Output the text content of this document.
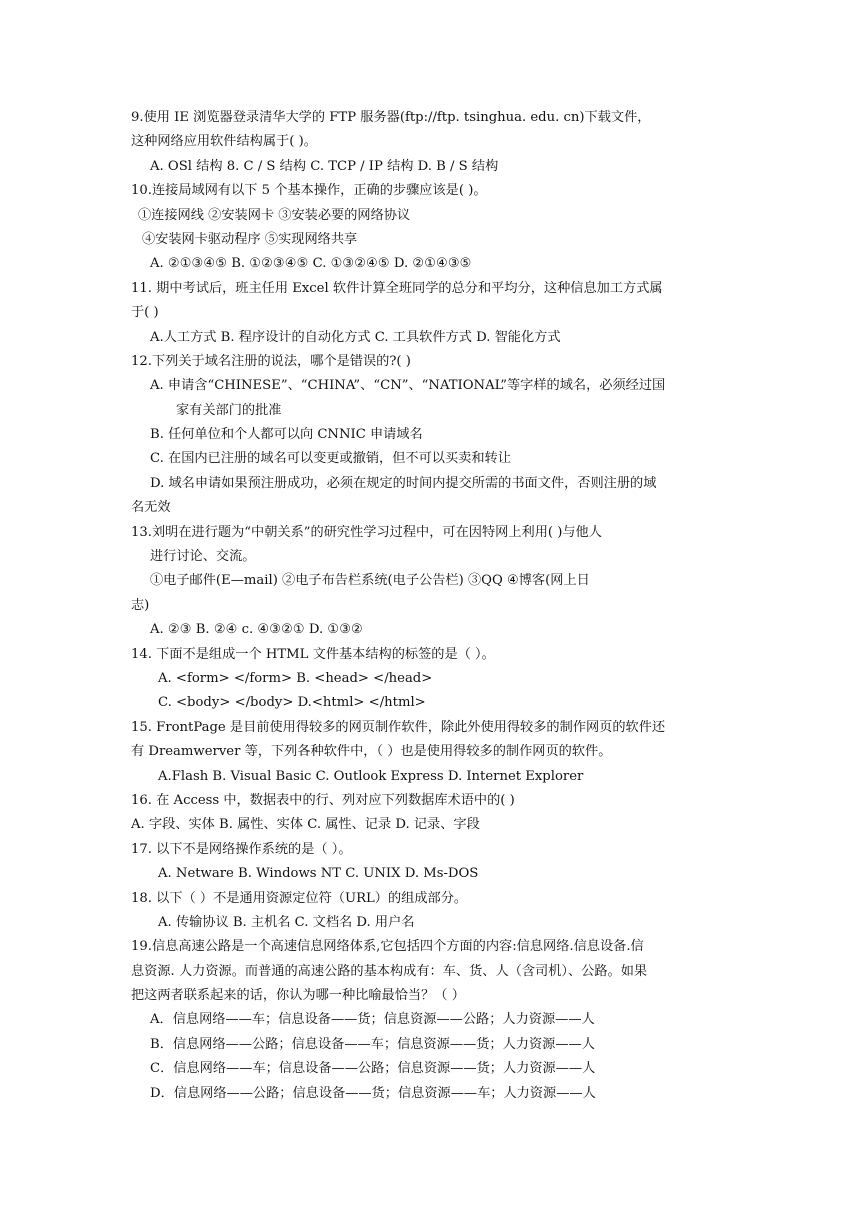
9.使用 IE 浏览器登录清华大学的 FTP 服务器(ftp://ftp. tsinghua. edu. cn)下载文件，
这种网络应用软件结构属于( )。
A. OSl 结构 8. C / S 结构 C. TCP / IP 结构 D. B / S 结构
10.连接局域网有以下 5 个基本操作，正确的步骤应该是( )。
①连接网线 ②安装网卡 ③安装必要的网络协议
④安装网卡驱动程序 ⑤实现网络共享
A. ②①③④⑤ B. ①②③④⑤ C. ①③②④⑤ D. ②①④③⑤
11. 期中考试后，班主任用 Excel 软件计算全班同学的总分和平均分，这种信息加工方式属
于( )
A.人工方式 B. 程序设计的自动化方式 C. 工具软件方式 D. 智能化方式
12.下列关于域名注册的说法，哪个是错误的?( )
A. 申请含“CHINESE”、“CHINA”、“CN”、“NATIONAL”等字样的域名，必须经过国
家有关部门的批准
B. 任何单位和个人都可以向 CNNIC 申请域名
C. 在国内已注册的域名可以变更或撤销，但不可以买卖和转让
D. 域名申请如果预注册成功，必须在规定的时间内提交所需的书面文件，否则注册的域
名无效
13.刘明在进行题为“中朝关系”的研究性学习过程中，可在因特网上利用( )与他人
进行讨论、交流。
①电子邮件(E—mail) ②电子布告栏系统(电子公告栏) ③QQ ④博客(网上日
志)
A. ②③ B. ②④ c. ④③②① D. ①③②
14. 下面不是组成一个 HTML 文件基本结构的标签的是（ ）。
A. <form> </form> B. <head> </head>
C. <body> </body> D.<html> </html>
15. FrontPage 是目前使用得较多的网页制作软件，除此外使用得较多的制作网页的软件还
有 Dreamwerver 等，下列各种软件中，（ ）也是使用得较多的制作网页的软件。
A.Flash B. Visual Basic C. Outlook Express D. Internet Explorer
16. 在 Access 中，数据表中的行、列对应下列数据库术语中的( )
A. 字段、实体 B. 属性、实体 C. 属性、记录 D. 记录、字段
17. 以下不是网络操作系统的是（ ）。
A. Netware B. Windows NT C. UNIX D. Ms-DOS
18. 以下（ ）不是通用资源定位符（URL）的组成部分。
A. 传输协议 B. 主机名 C. 文档名 D. 用户名
19.信息高速公路是一个高速信息网络体系,它包括四个方面的内容:信息网络.信息设备.信
息资源. 人力资源。而普通的高速公路的基本构成有：车、货、人（含司机）、公路。如果
把这两者联系起来的话，你认为哪一种比喻最恰当？（ ）
A．信息网络——车；信息设备——货；信息资源——公路；人力资源——人
B．信息网络——公路；信息设备——车；信息资源——货；人力资源——人
C．信息网络——车；信息设备——公路；信息资源——货；人力资源——人
D．信息网络——公路；信息设备——货；信息资源——车；人力资源——人
